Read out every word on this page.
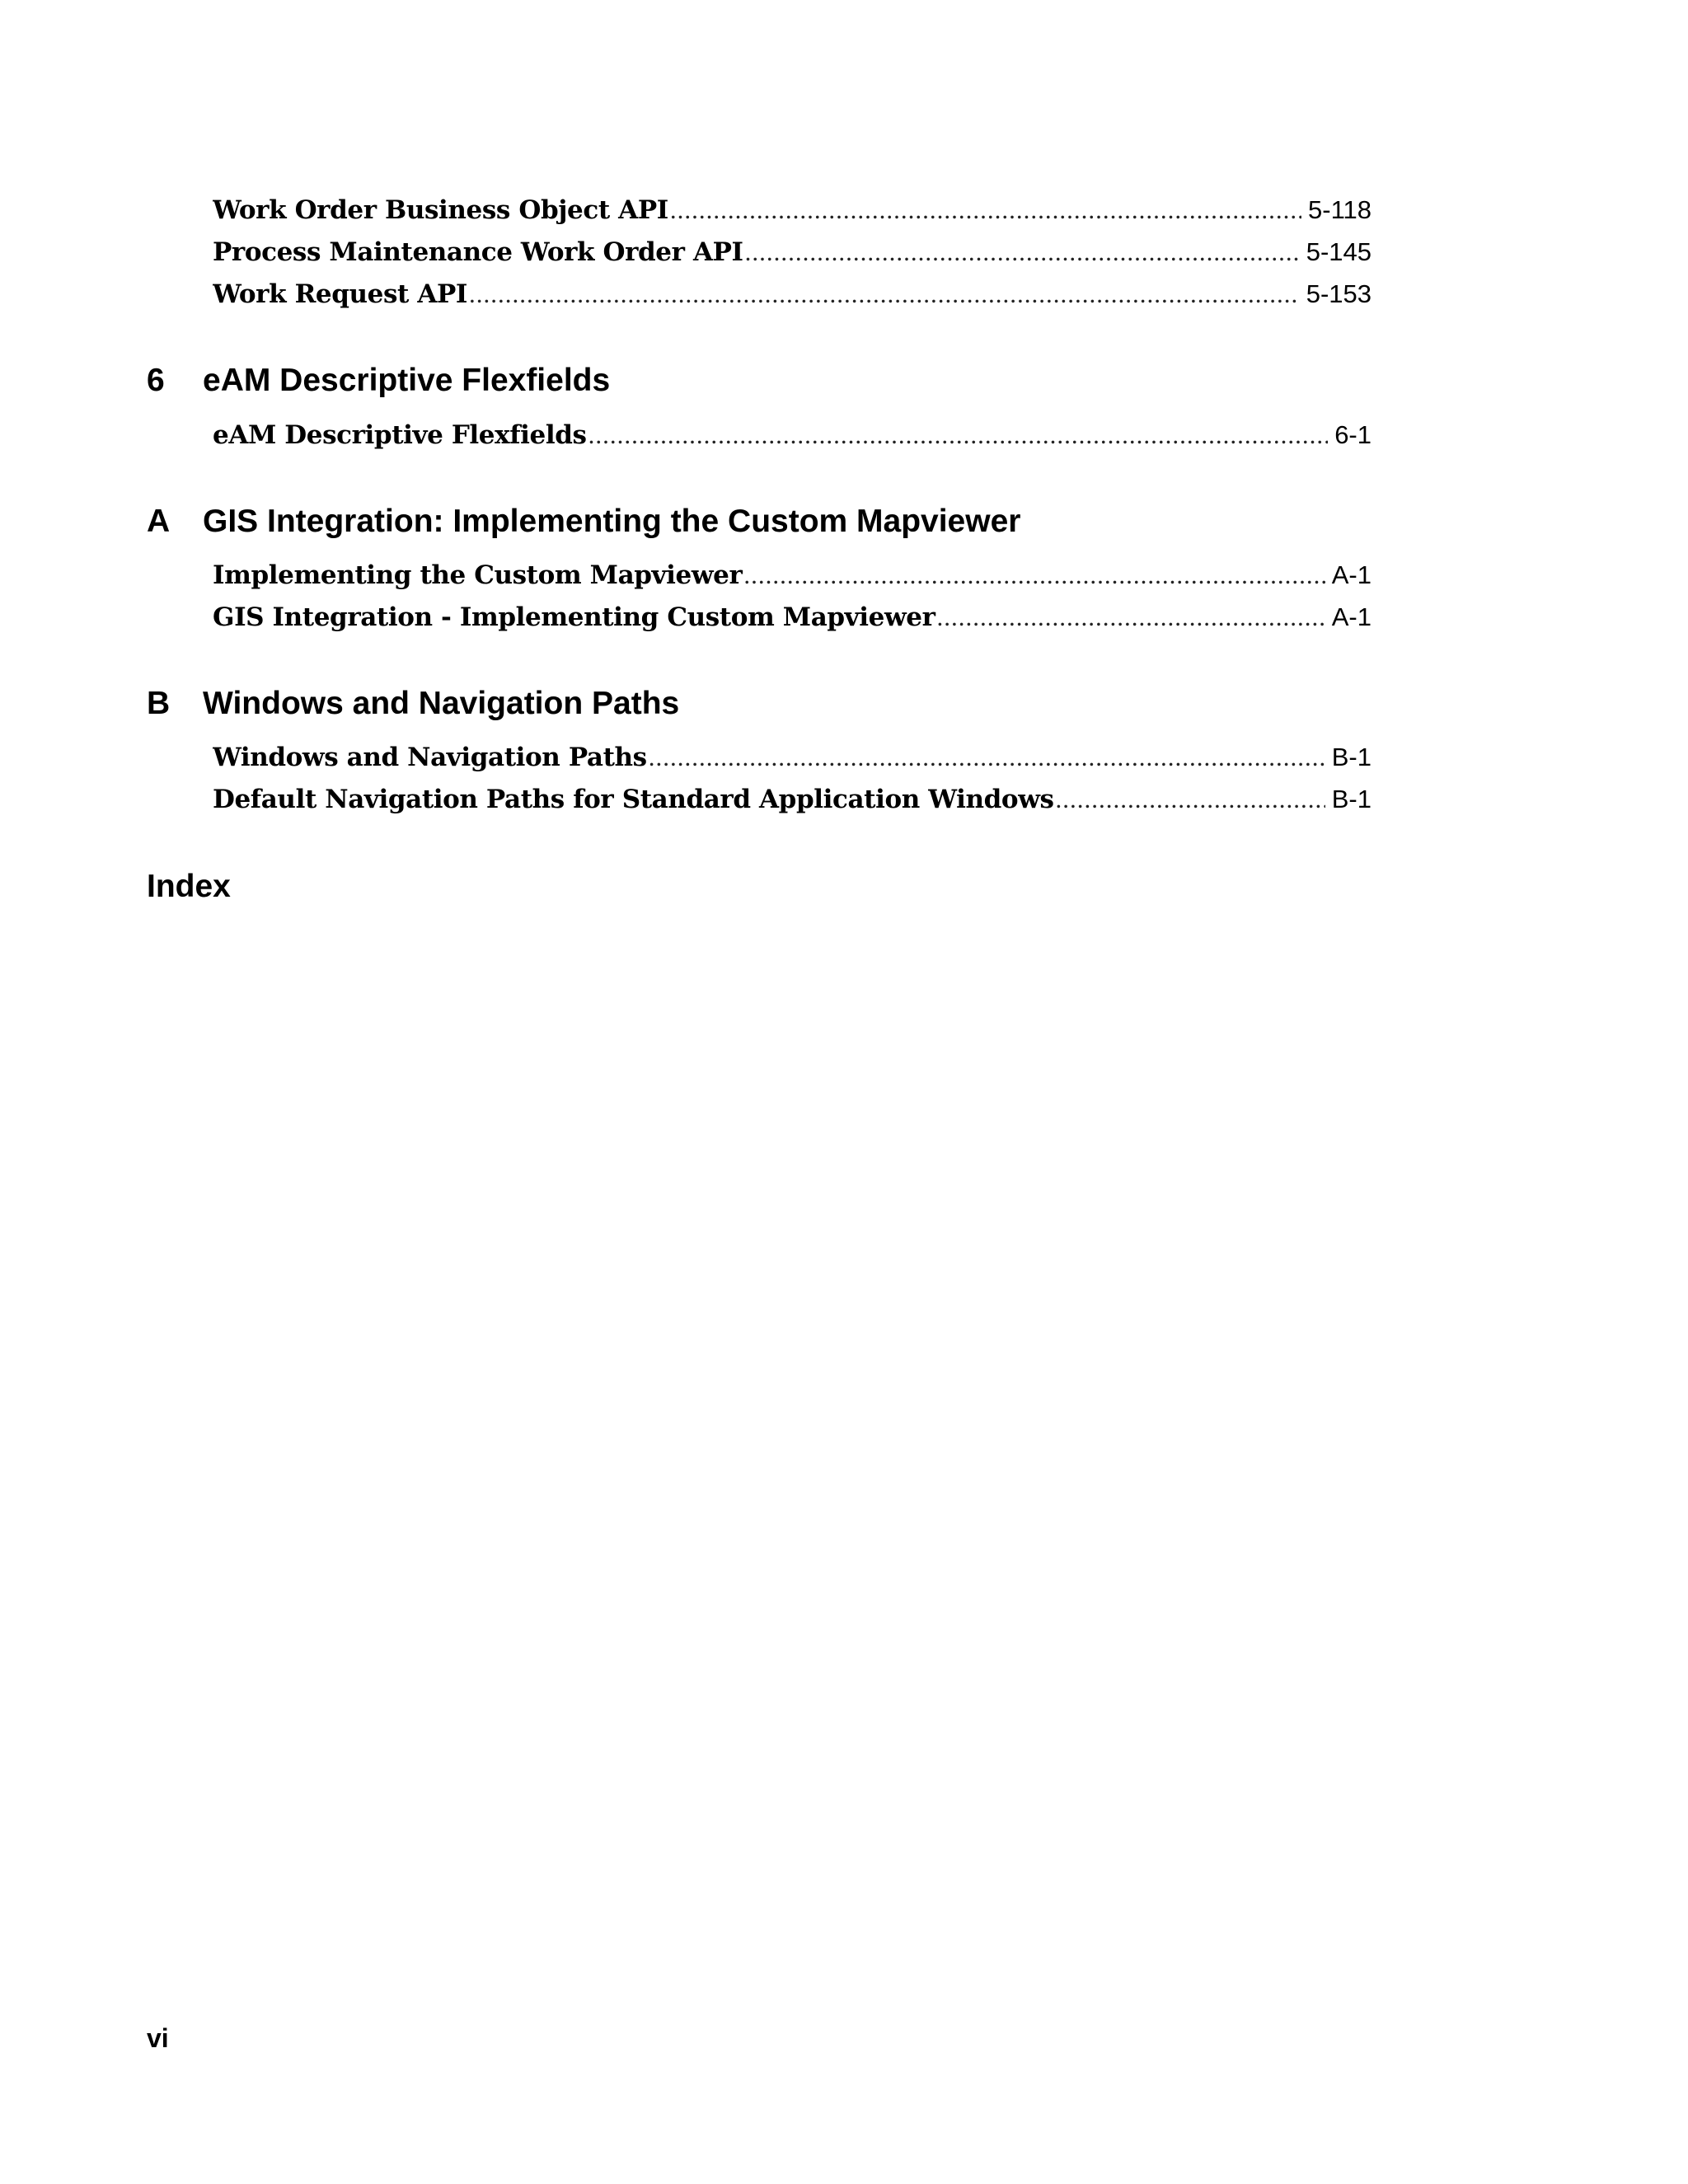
Work Order Business Object API .....	5-118
Process Maintenance Work Order API .....	5-145
Work Request API .....	5-153
6	eAM Descriptive Flexfields
eAM Descriptive Flexfields .....	6-1
A	GIS Integration: Implementing the Custom Mapviewer
Implementing the Custom Mapviewer .....	A-1
GIS Integration - Implementing Custom Mapviewer .....	A-1
B	Windows and Navigation Paths
Windows and Navigation Paths .....	B-1
Default Navigation Paths for Standard Application Windows .....	B-1
Index
vi
